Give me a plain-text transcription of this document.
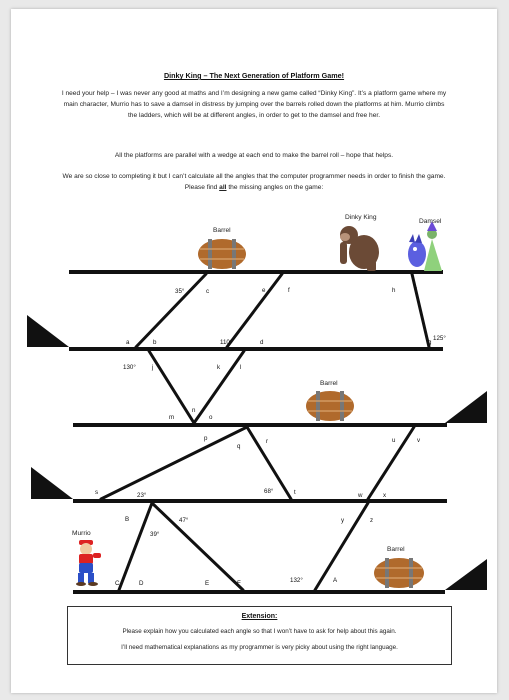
Dinky King – The Next Generation of Platform Game!
I need your help – I was never any good at maths and I’m designing a new game called “Dinky King”. It’s a platform game where my main character, Murrio has to save a damsel in distress by jumping over the barrels rolled down the platforms at him. Murrio climbs the ladders, which will be at different angles, in order to get to the damsel and free her.
All the platforms are parallel with a wedge at each end to make the barrel roll – hope that helps.
We are so close to completing it but I can’t calculate all the angles that the computer programmer needs in order to finish the game. Please find all the missing angles on the game:
Dinky King
Damsel
Murrio
Barrel
Barrel
Barrel
35°	c	e	f	h	i
a	b	110°	d	g
125°
130°	j	k	l
m
n
o
p
q
r	u	v
s	23°
68°	t	w	x
B	47°
39°
y	z
C	D	E	F	132°	A
Extension:
Please explain how you calculated each angle so that I won’t have to ask for help about this again.
I’ll need mathematical explanations as my programmer is very picky about using the right language.
